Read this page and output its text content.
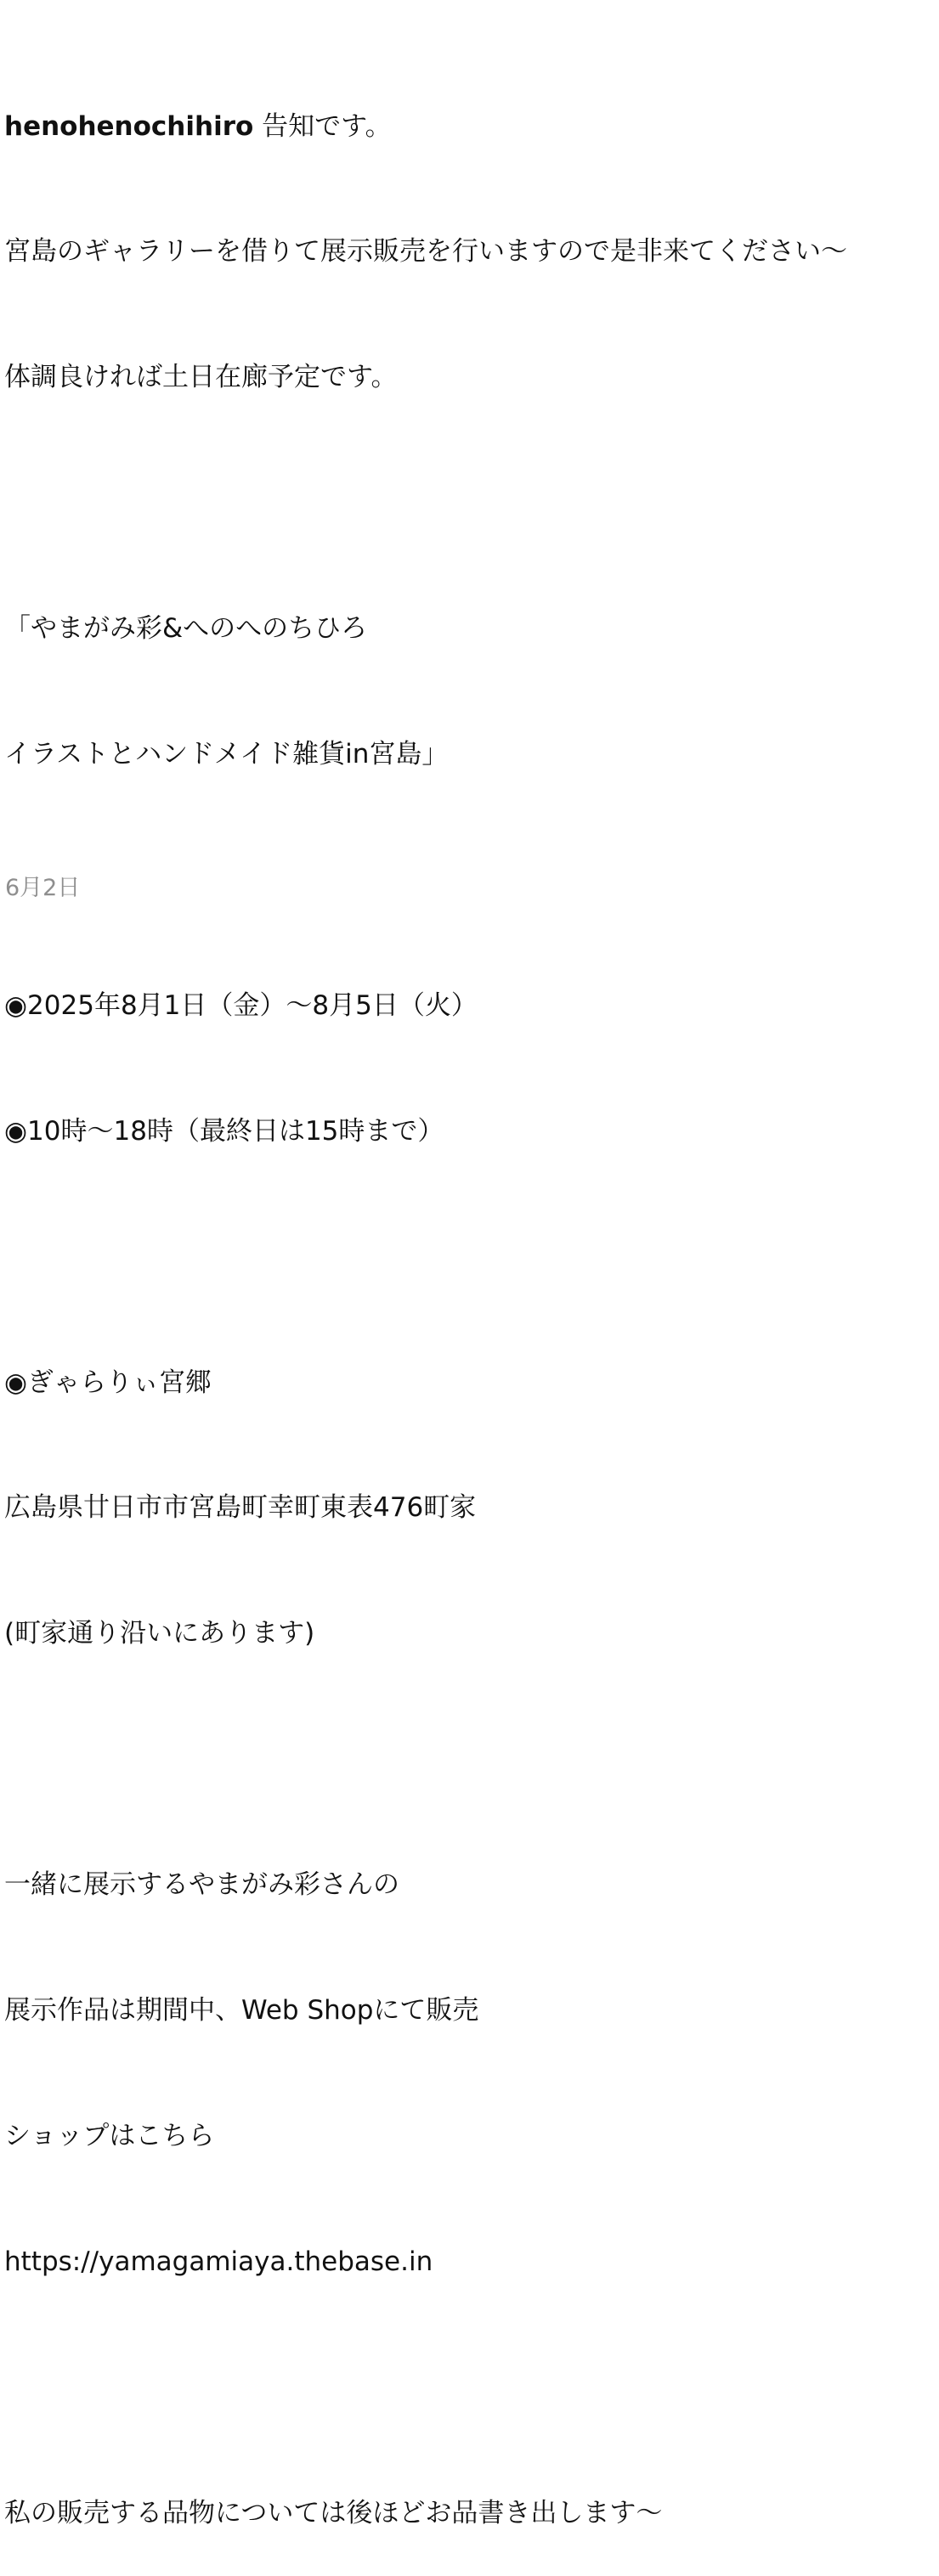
henohenochihiro 告知です。

宮島のギャラリーを借りて展示販売を行いますので是非来てください〜

体調良ければ土日在廊予定です。

「やまがみ彩&へのへのちひろ

イラストとハンドメイド雑貨in宮島」

◉2025年8月1日（金）〜8月5日（火）

◉10時〜18時（最終日は15時まで）

◉ぎゃらりぃ宮郷

広島県廿日市市宮島町幸町東表476町家

(町家通り沿いにあります)

一緒に展示するやまがみ彩さんの

展示作品は期間中、Web Shopにて販売

ショップはこちら

https://yamagamiaya.thebase.in

私の販売する品物については後ほどお品書き出します〜

6月2日
